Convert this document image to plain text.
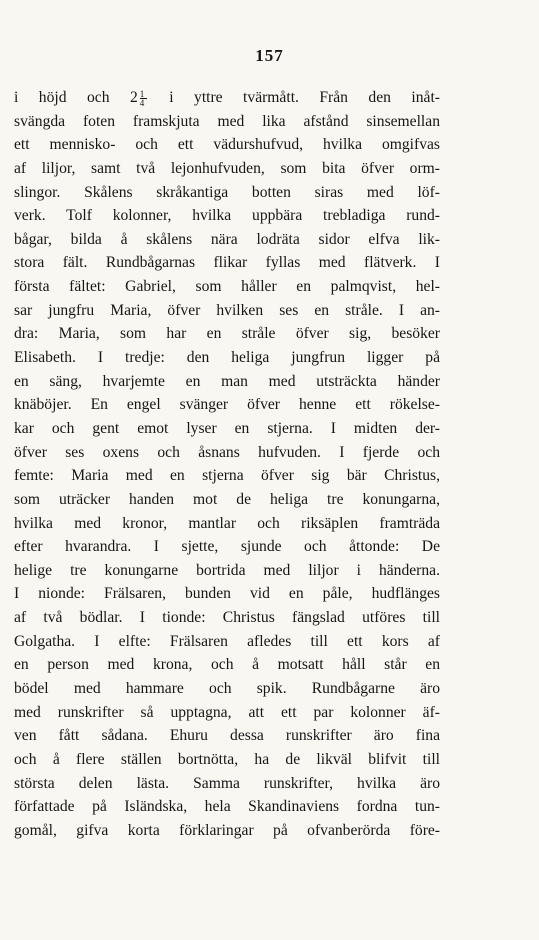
157
i höjd och $2 \frac{1}{4}$ i yttre tvärmått. Från den inåt-
svängda foten framskjuta med lika afstånd sinsemellan
ett mennisko- och ett vädurshufvud, hvilka omgifvas
af liljor, samt två lejonhufvuden, som bita öfver orm-
slingor. Skålens skråkantiga botten siras med löf-
verk. Tolf kolonner, hvilka uppbära trebladiga rund-
bågar, bilda å skålens nära lodräta sidor elfva lik-
stora fält. Rundbågarnas flikar fyllas med flätverk. I
första fältet: Gabriel, som håller en palmqvist, hel-
sar jungfru Maria, öfver hvilken ses en stråle. I an-
dra: Maria, som har en stråle öfver sig, besöker
Elisabeth. I tredje: den heliga jungfrun ligger på
en säng, hvarjemte en man med utsträckta händer
knäböjer. En engel svänger öfver henne ett rökelse-
kar och gent emot lyser en stjerna. I midten der-
öfver ses oxens och åsnans hufvuden. I fjerde och
femte: Maria med en stjerna öfver sig bär Christus,
som uträcker handen mot de heliga tre konungarna,
hvilka med kronor, mantlar och riksäplen framträda
efter hvarandra. I sjette, sjunde och åttonde: De
helige tre konungarne bortrida med liljor i händerna.
I nionde: Frälsaren, bunden vid en påle, hudflänges
af två bödlar. I tionde: Christus fängslad utföres till
Golgatha. I elfte: Frälsaren afledes till ett kors af
en person med krona, och å motsatt håll står en
bödel med hammare och spik. Rundbågarne äro
med runskrifter så upptagna, att ett par kolonner äf-
ven fått sådana. Ehuru dessa runskrifter äro fina
och å flere ställen bortnötta, ha de likväl blifvit till
största delen lästa. Samma runskrifter, hvilka äro
författade på Isländska, hela Skandinaviens fordna tun-
gomål, gifva korta förklaringar på ofvanberörda före-
